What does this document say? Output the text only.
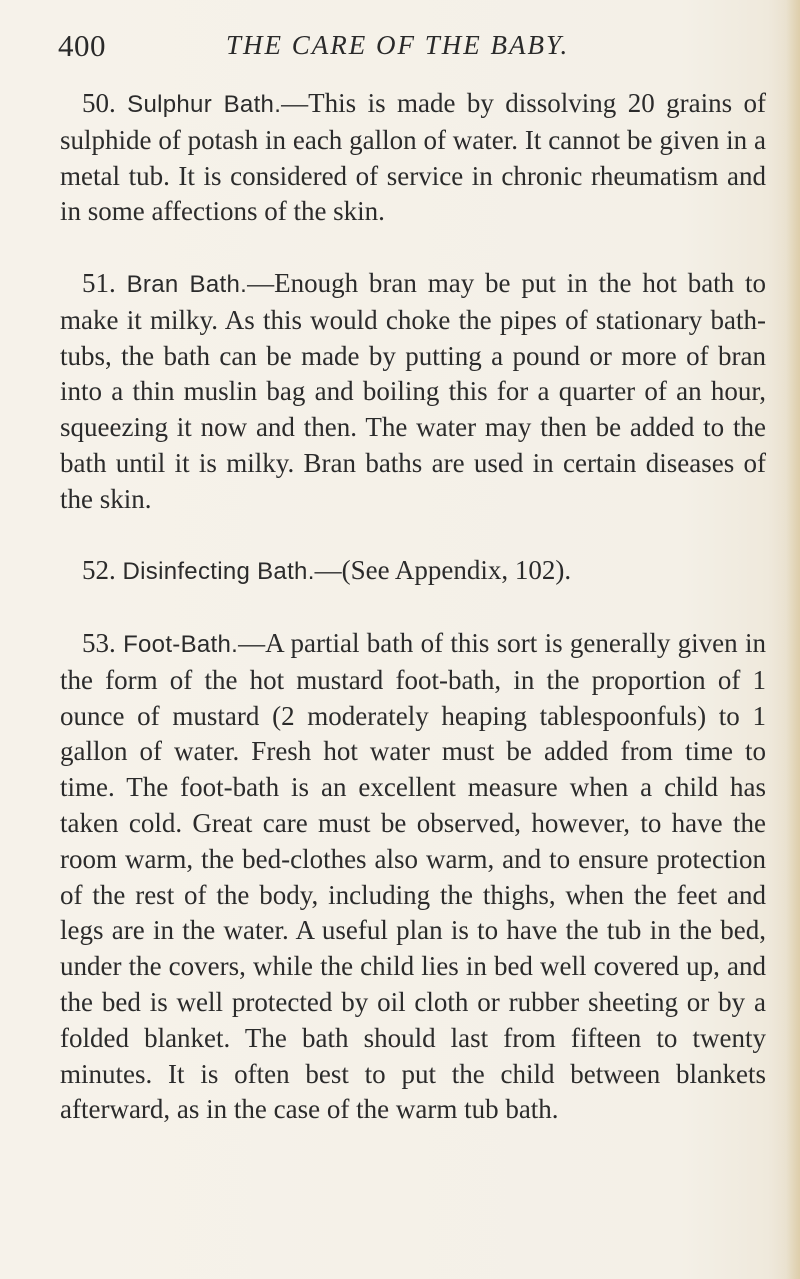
400	THE CARE OF THE BABY.

50. Sulphur Bath.—This is made by dissolving 20 grains of sulphide of potash in each gallon of water. It cannot be given in a metal tub. It is considered of service in chronic rheumatism and in some affections of the skin.

51. Bran Bath.—Enough bran may be put in the hot bath to make it milky. As this would choke the pipes of stationary bath-tubs, the bath can be made by putting a pound or more of bran into a thin muslin bag and boiling this for a quarter of an hour, squeezing it now and then. The water may then be added to the bath until it is milky. Bran baths are used in certain diseases of the skin.

52. Disinfecting Bath.—(See Appendix, 102).

53. Foot-Bath.—A partial bath of this sort is generally given in the form of the hot mustard foot-bath, in the proportion of 1 ounce of mustard (2 moderately heaping tablespoonfuls) to 1 gallon of water. Fresh hot water must be added from time to time. The foot-bath is an excellent measure when a child has taken cold. Great care must be observed, however, to have the room warm, the bed-clothes also warm, and to ensure protection of the rest of the body, including the thighs, when the feet and legs are in the water. A useful plan is to have the tub in the bed, under the covers, while the child lies in bed well covered up, and the bed is well protected by oil cloth or rubber sheeting or by a folded blanket. The bath should last from fifteen to twenty minutes. It is often best to put the child between blankets afterward, as in the case of the warm tub bath.
